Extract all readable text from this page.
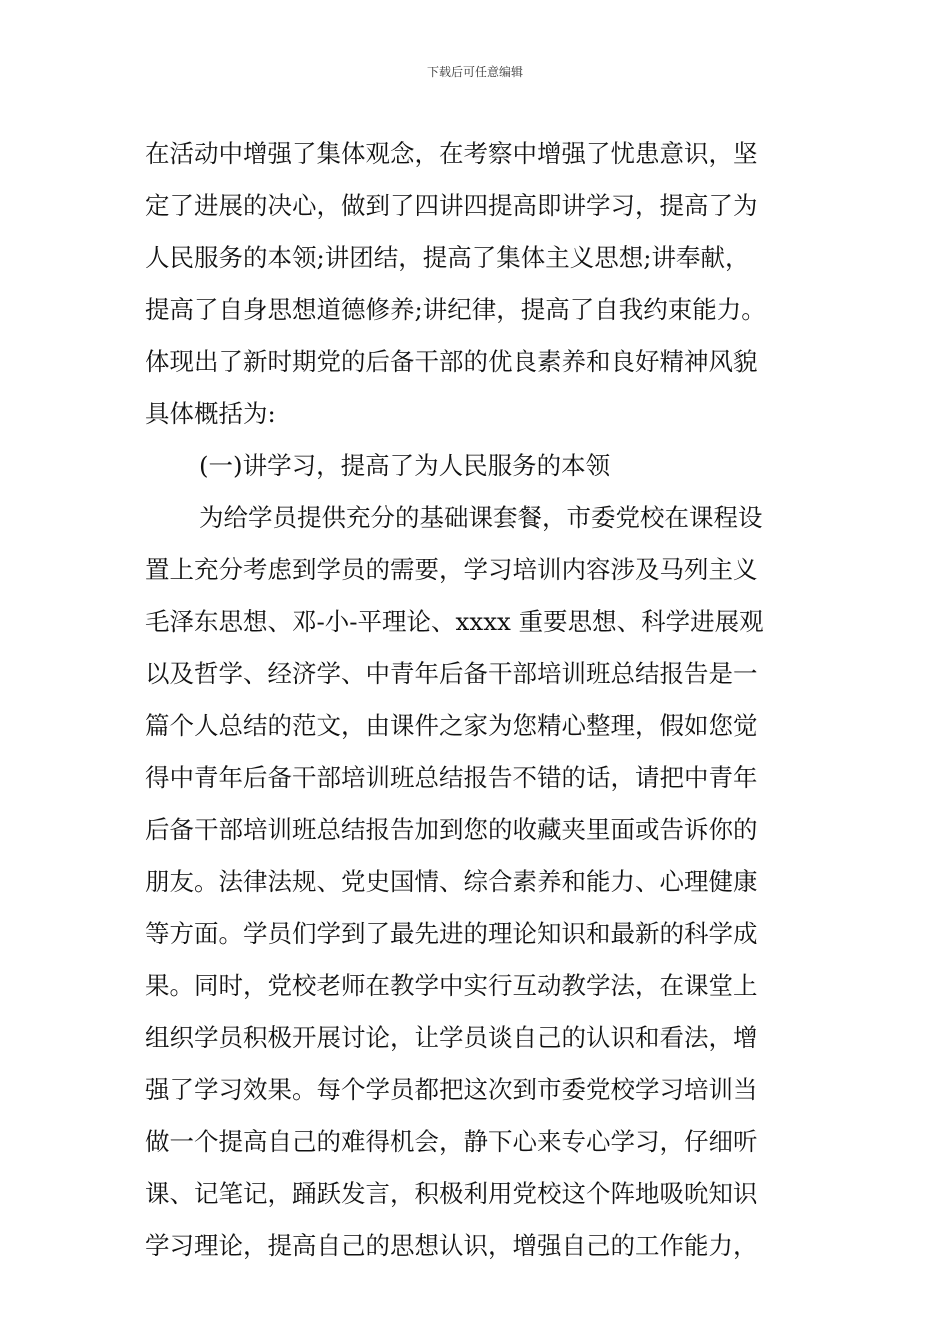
下载后可任意编辑
在活动中增强了集体观念，在考察中增强了忧患意识，坚
定了进展的决心，做到了四讲四提高即讲学习，提高了为
人民服务的本领;讲团结，提高了集体主义思想;讲奉献，
提高了自身思想道德修养;讲纪律，提高了自我约束能力。
体现出了新时期党的后备干部的优良素养和良好精神风貌
具体概括为:
(一)讲学习，提高了为人民服务的本领
为给学员提供充分的基础课套餐，市委党校在课程设
置上充分考虑到学员的需要，学习培训内容涉及马列主义
毛泽东思想、邓-小-平理论、xxxx 重要思想、科学进展观
以及哲学、经济学、中青年后备干部培训班总结报告是一
篇个人总结的范文，由课件之家为您精心整理，假如您觉
得中青年后备干部培训班总结报告不错的话，请把中青年
后备干部培训班总结报告加到您的收藏夹里面或告诉你的
朋友。法律法规、党史国情、综合素养和能力、心理健康
等方面。学员们学到了最先进的理论知识和最新的科学成
果。同时，党校老师在教学中实行互动教学法，在课堂上
组织学员积极开展讨论，让学员谈自己的认识和看法，增
强了学习效果。每个学员都把这次到市委党校学习培训当
做一个提高自己的难得机会，静下心来专心学习，仔细听
课、记笔记，踊跃发言，积极利用党校这个阵地吸吮知识
学习理论，提高自己的思想认识，增强自己的工作能力，
